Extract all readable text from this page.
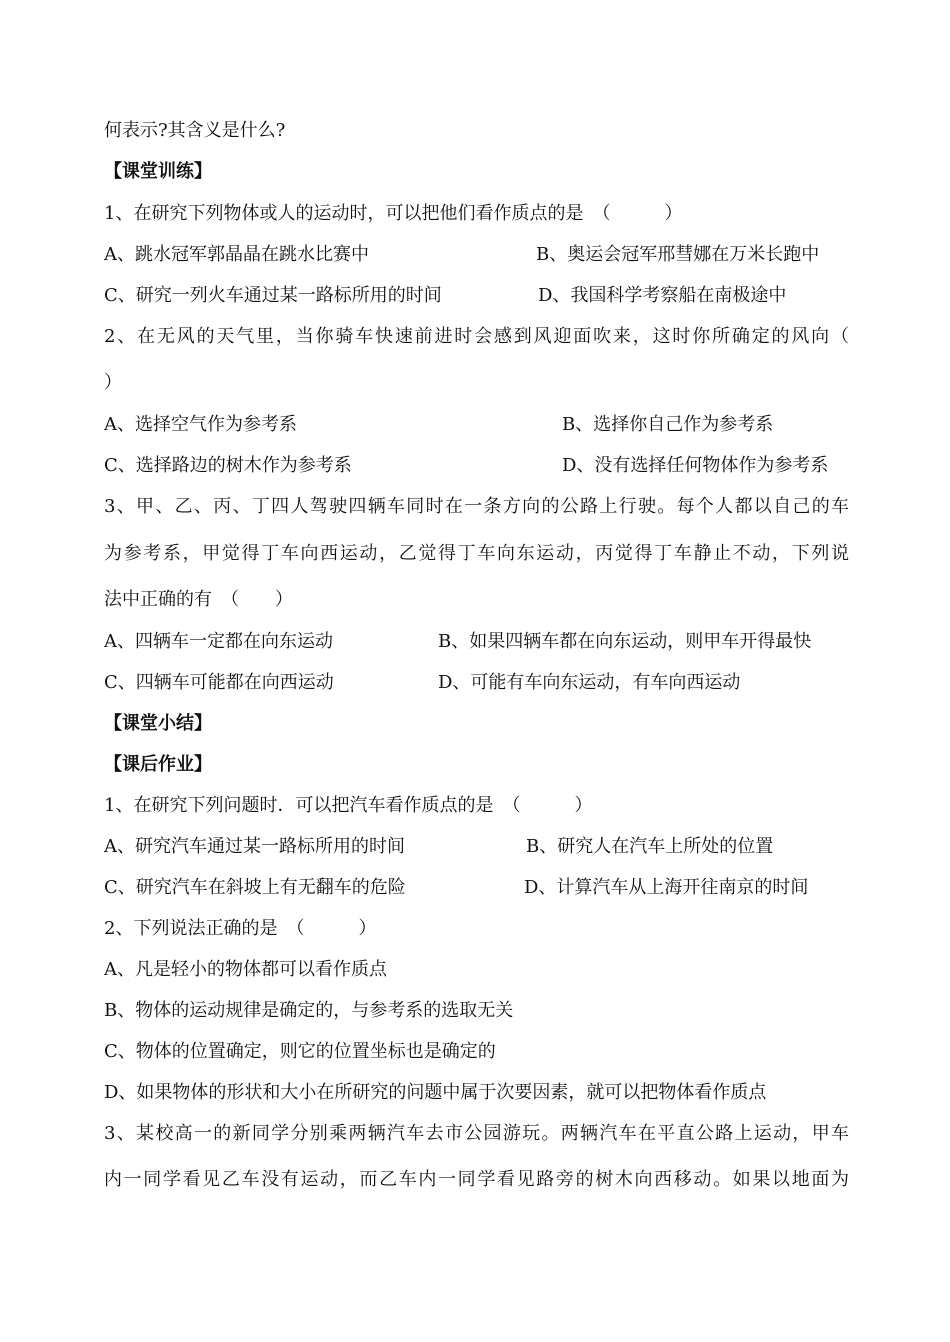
何表示?其含义是什么?
【课堂训练】
1、在研究下列物体或人的运动时，可以把他们看作质点的是　（　　　）
A、跳水冠军郭晶晶在跳水比赛中	B、奥运会冠军邢彗娜在万米长跑中
C、研究一列火车通过某一路标所用的时间	D、我国科学考察船在南极途中
2、在无风的天气里，当你骑车快速前进时会感到风迎面吹来，这时你所确定的风向（
）
A、选择空气作为参考系	B、选择你自己作为参考系
C、选择路边的树木作为参考系	D、没有选择任何物体作为参考系
3、甲、乙、丙、丁四人驾驶四辆车同时在一条方向的公路上行驶。每个人都以自己的车
为参考系，甲觉得丁车向西运动，乙觉得丁车向东运动，丙觉得丁车静止不动，下列说
法中正确的有　（　　）
A、四辆车一定都在向东运动	B、如果四辆车都在向东运动，则甲车开得最快
C、四辆车可能都在向西运动	D、可能有车向东运动，有车向西运动
【课堂小结】
【课后作业】
1、在研究下列问题时．可以把汽车看作质点的是　（　　　）
A、研究汽车通过某一路标所用的时间	B、研究人在汽车上所处的位置
C、研究汽车在斜坡上有无翻车的危险	D、计算汽车从上海开往南京的时间
2、下列说法正确的是　（　　　）
A、凡是轻小的物体都可以看作质点
B、物体的运动规律是确定的，与参考系的选取无关
C、物体的位置确定，则它的位置坐标也是确定的
D、如果物体的形状和大小在所研究的问题中属于次要因素，就可以把物体看作质点
3、某校高一的新同学分别乘两辆汽车去市公园游玩。两辆汽车在平直公路上运动，甲车
内一同学看见乙车没有运动，而乙车内一同学看见路旁的树木向西移动。如果以地面为
